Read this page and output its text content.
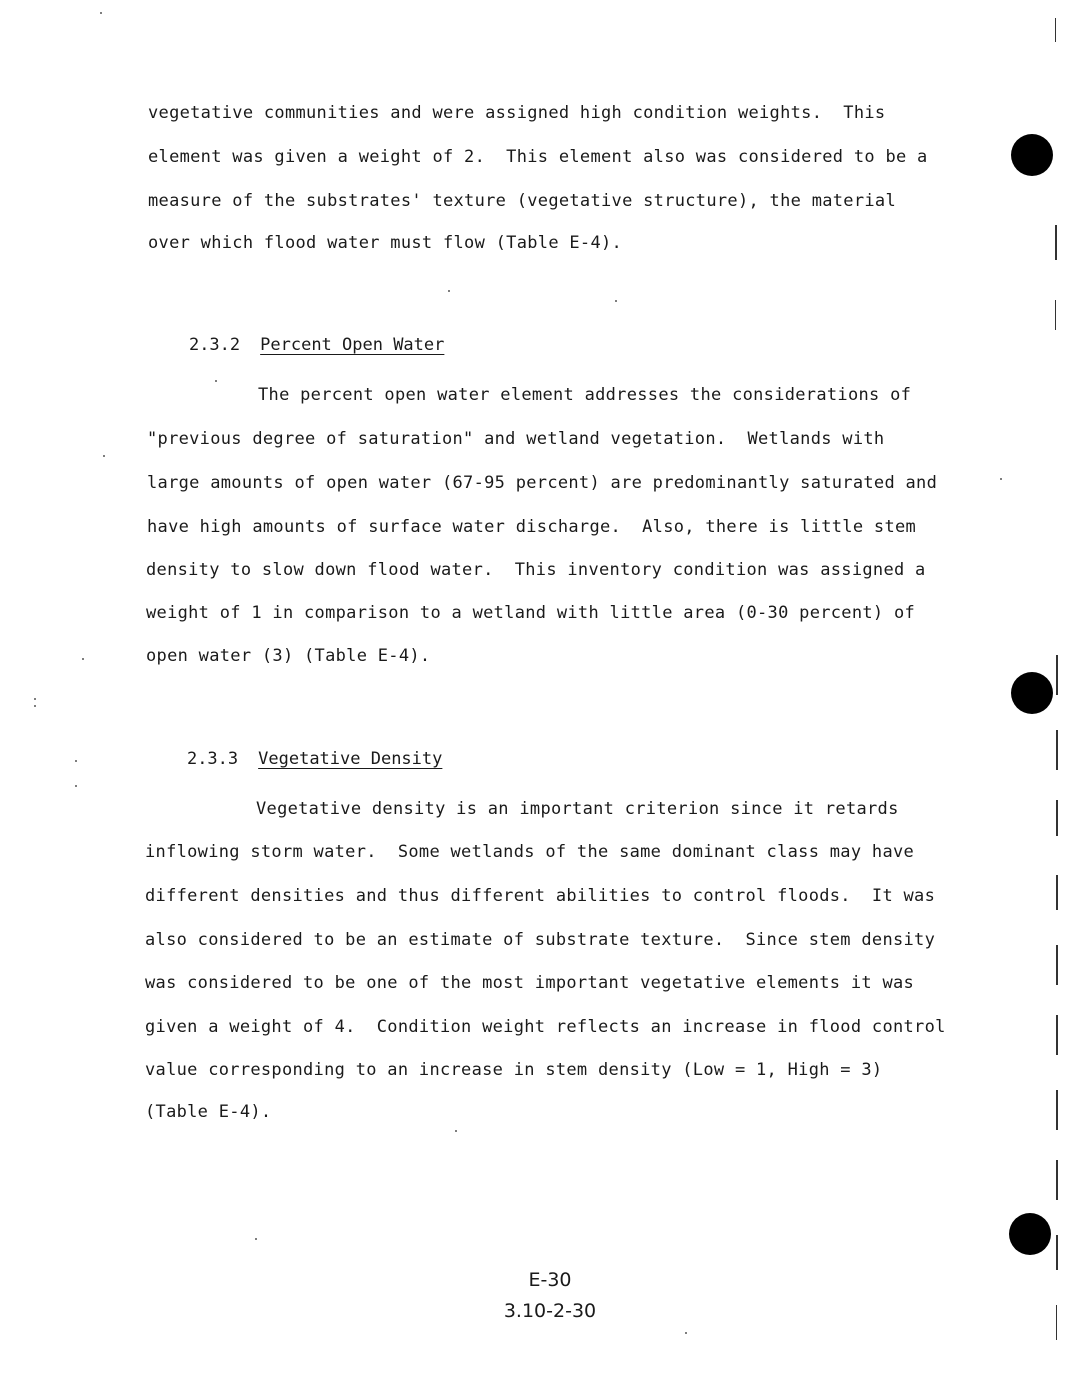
vegetative communities and were assigned high condition weights.  This
element was given a weight of 2.  This element also was considered to be a
measure of the substrates' texture (vegetative structure), the material
over which flood water must flow (Table E-4).

2.3.2 Percent Open Water

The percent open water element addresses the considerations of
"previous degree of saturation" and wetland vegetation.  Wetlands with
large amounts of open water (67-95 percent) are predominantly saturated and
have high amounts of surface water discharge.  Also, there is little stem
density to slow down flood water.  This inventory condition was assigned a
weight of 1 in comparison to a wetland with little area (0-30 percent) of
open water (3) (Table E-4).

2.3.3 Vegetative Density

Vegetative density is an important criterion since it retards
inflowing storm water.  Some wetlands of the same dominant class may have
different densities and thus different abilities to control floods.  It was
also considered to be an estimate of substrate texture.  Since stem density
was considered to be one of the most important vegetative elements it was
given a weight of 4.  Condition weight reflects an increase in flood control
value corresponding to an increase in stem density (Low = 1, High = 3)
(Table E-4).
E-30
3.10-2-30
